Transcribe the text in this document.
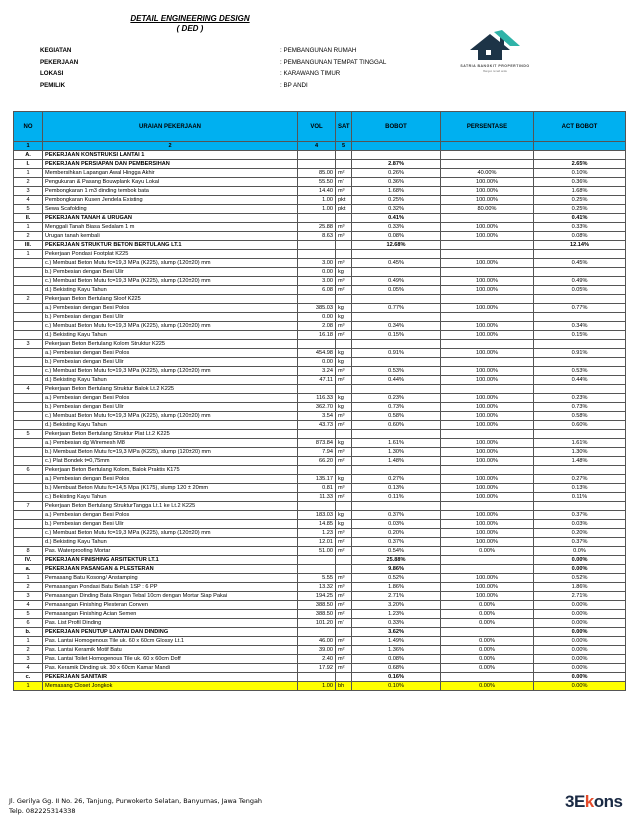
DETAIL ENGINEERING DESIGN
( DED )
KEGIATAN	: PEMBANGUNAN RUMAH
PEKERJAAN	: PEMBANGUNAN TEMPAT TINGGAL
LOKASI	: KARAWANG TIMUR
PEMILIK	: BP ANDI
SATRIA BANGKIT PROPERTINDO
Bangun rumah anda
NO	URAIAN PEKERJAAN	VOL	SAT	BOBOT	PERSENTASE	ACT BOBOT
1	2	4	5			
A.	PEKERJAAN KONSTRUKSI LANTAI 1					
I.	PEKERJAAN PERSIAPAN DAN PEMBERSIHAN			2.87%		2.65%
1	Membersihkan Lapangan Awal Hingga Akhir	85.00	m²	0.26%	40.00%	0.10%
2	Pengukuran & Pasang Bouwplank Kayu Lokal	55.50	m'	0.36%	100.00%	0.36%
3	Pembongkaran 1 m3 dinding tembok bata	14.40	m³	1.68%	100.00%	1.68%
4	Pembongkaran Kusen Jendela Existing	1.00	pkt	0.25%	100.00%	0.25%
5	Sewa Scafolding	1.00	pkt	0.32%	80.00%	0.25%
II.	PEKERJAAN TANAH & URUGAN			0.41%		0.41%
1	Menggali Tanah Biasa Sedalam 1 m	25.88	m³	0.33%	100.00%	0.33%
2	Urugan tanah kembali	8.63	m³	0.08%	100.00%	0.08%
III.	PEKERJAAN STRUKTUR BETON BERTULANG LT.1			12.68%		12.14%
1	Pekerjaan Pondasi Footplat K225					
	c.) Membuat Beton Mutu fc=19,3 MPa (K225), slump (120±20) mm	3.00	m³	0.45%	100.00%	0.45%
	b.) Pembesian dengan Besi Ulir	0.00	kg			
	c.) Membuat Beton Mutu fc=19,3 MPa (K225), slump (120±20) mm	3.00	m³	0.49%	100.00%	0.49%
	d.) Bekisting Kayu Tahun	6.08	m²	0.05%	100.00%	0.05%
2	Pekerjaan Beton Bertulang Sloof K225					
	a.) Pembesian dengan Besi Polos	385.03	kg	0.77%	100.00%	0.77%
	b.) Pembesian dengan Besi Ulir	0.00	kg			
	c.) Membuat Beton Mutu fc=19,3 MPa (K225), slump (120±20) mm	2.08	m³	0.34%	100.00%	0.34%
	d.) Bekisting Kayu Tahun	16.18	m²	0.15%	100.00%	0.15%
3	Pekerjaan Beton Bertulang Kolom Struktur K225					
	a.) Pembesian dengan Besi Polos	454.98	kg	0.91%	100.00%	0.91%
	b.) Pembesian dengan Besi Ulir	0.00	kg			
	c.) Membuat Beton Mutu fc=19,3 MPa (K225), slump (120±20) mm	3.24	m³	0.53%	100.00%	0.53%
	d.) Bekisting Kayu Tahun	47.11	m²	0.44%	100.00%	0.44%
4	Pekerjaan Beton Bertulang Struktur Balok Lt.2 K225					
	a.) Pembesian dengan Besi Polos	116.33	kg	0.23%	100.00%	0.23%
	b.) Pembesian dengan Besi Ulir	362.70	kg	0.73%	100.00%	0.73%
	c.) Membuat Beton Mutu fc=19,3 MPa (K225), slump (120±20) mm	3.54	m³	0.58%	100.00%	0.58%
	d.) Bekisting Kayu Tahun	43.73	m²	0.60%	100.00%	0.60%
5	Pekerjaan Beton Bertulang Struktur Plat Lt.2 K225					
	a.) Pembesian dg Wiremesh M8	873.84	kg	1.61%	100.00%	1.61%
	b.) Membuat Beton Mutu fc=19,3 MPa (K225), slump (120±20) mm	7.94	m³	1.30%	100.00%	1.30%
	c.) Plat Bondek t=0,75mm	66.20	m²	1.48%	100.00%	1.48%
6	Pekerjaan Beton Bertulang Kolom, Balok Praktis K175					
	a.) Pembesian dengan Besi Polos	135.17	kg	0.27%	100.00%	0.27%
	b.) Membuat Beton Mutu fc=14,5 Mpa (K175), slump 120 ± 20mm	0.81	m³	0.13%	100.00%	0.13%
	c.) Bekisting Kayu Tahun	11.33	m²	0.11%	100.00%	0.11%
7	Pekerjaan Beton Bertulang StrukturTangga Lt.1 ke Lt.2 K225					
	a.) Pembesian dengan Besi Polos	183.03	kg	0.37%	100.00%	0.37%
	b.) Pembesian dengan Besi Ulir	14.85	kg	0.03%	100.00%	0.03%
	c.) Membuat Beton Mutu fc=19,3 MPa (K225), slump (120±20) mm	1.23	m³	0.20%	100.00%	0.20%
	d.) Bekisting Kayu Tahun	12.01	m²	0.37%	100.00%	0.37%
8	Pas. Waterproofing Mortar	51.00	m²	0.54%	0.00%	0.0%
IV.	PEKERJAAN FINISHING ARSITEKTUR LT.1			25.88%		0.00%
a.	PEKERJAAN PASANGAN & PLESTERAN			9.86%		0.00%
1	Pemasang Batu Kosong/ Anstamping	5.55	m³	0.52%	100.00%	0.52%
2	Pemasangan Pondasi Batu Belah 1SP : 6 PP	13.32	m³	1.86%	100.00%	1.86%
3	Pemasangan Dinding Bata Ringan Tebal 10cm dengan Mortar Siap Pakai	194.25	m²	2.71%	100.00%	2.71%
4	Pemasangan Finishing Plesteran Conven	388.50	m²	3.20%	0.00%	0.00%
5	Pemasangan Finishing Acian Semen	388.50	m²	1.23%	0.00%	0.00%
6	Pas. List Profil Dinding	101.20	m'	0.33%	0.00%	0.00%
b.	PEKERJAAN PENUTUP LANTAI DAN DINDING			3.62%		0.00%
1	Pas. Lantai Homogenous Tile uk. 60 x 60cm Glossy Lt.1	46.00	m²	1.49%	0.00%	0.00%
2	Pas. Lantai Keramik Motif Batu	39.00	m²	1.36%	0.00%	0.00%
3	Pas. Lantai Toilet Homogenous Tile uk. 60 x 60cm Doff	2.40	m²	0.08%	0.00%	0.00%
4	Pas. Keramik Dinding uk. 30 x 60cm Kamar Mandi	17.92	m²	0.68%	0.00%	0.00%
c.	PEKERJAAN SANITAIR			0.16%		0.00%
1	Memasang Closet Jongkok	1.00	bh	0.10%	0.00%	0.00%
Jl. Gerilya Gg. II No. 26, Tanjung, Purwokerto Selatan, Banyumas, Jawa Tengah
Telp. 082225314338	3Ekons
